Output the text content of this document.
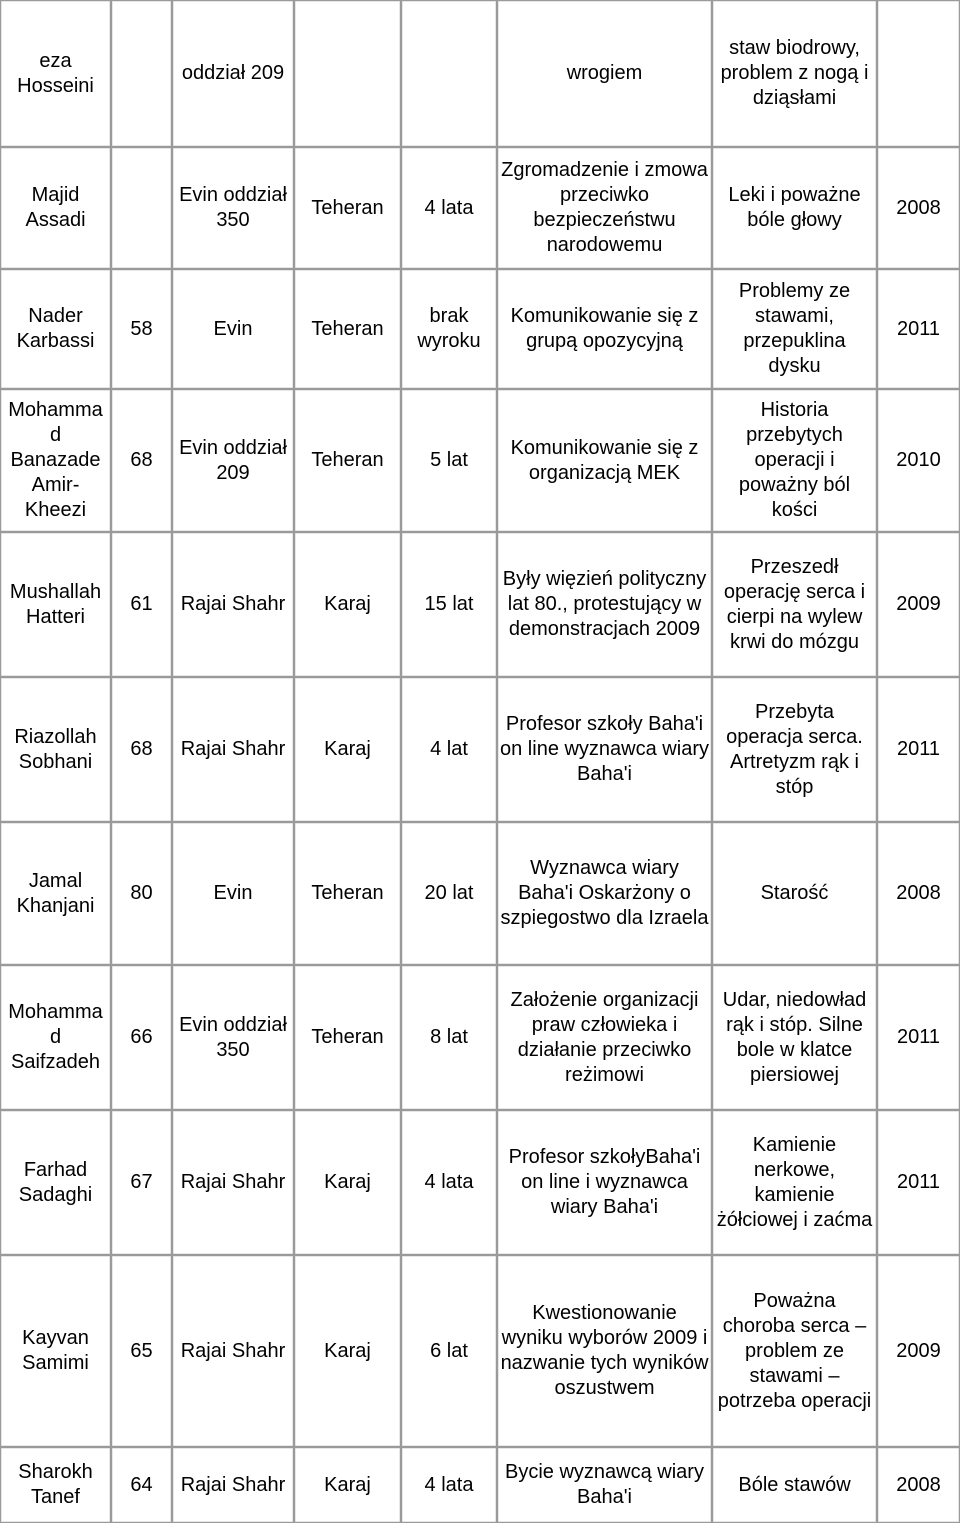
eza Hosseini		oddział 209			wrogiem	staw biodrowy, problem z nogą i dziąsłami	
Majid Assadi		Evin oddział 350	Teheran	4 lata	Zgromadzenie i zmowa przeciwko bezpieczeństwu narodowemu	Leki i poważne bóle głowy	2008
Nader Karbassi	58	Evin	Teheran	brak wyroku	Komunikowanie się z grupą opozycyjną	Problemy ze stawami, przepuklina dysku	2011
Mohammad Banazade Amir-Kheezi	68	Evin oddział 209	Teheran	5 lat	Komunikowanie się z organizacją MEK	Historia przebytych operacji i poważny ból kości	2010
Mushallah Hatteri	61	Rajai Shahr	Karaj	15 lat	Były więzień polityczny lat 80., protestujący w demonstracjach 2009	Przeszedł operację serca i cierpi na wylew krwi do mózgu	2009
Riazollah Sobhani	68	Rajai Shahr	Karaj	4 lat	Profesor szkoły Baha'i on line wyznawca wiary Baha'i	Przebyta operacja serca. Artretyzm rąk i stóp	2011
Jamal Khanjani	80	Evin	Teheran	20 lat	Wyznawca wiary Baha'i Oskarżony o szpiegostwo dla Izraela	Starość	2008
Mohammad Saifzadeh	66	Evin oddział 350	Teheran	8 lat	Założenie organizacji praw człowieka i działanie przeciwko reżimowi	Udar, niedowład rąk i stóp. Silne bole w klatce piersiowej	2011
Farhad Sadaghi	67	Rajai Shahr	Karaj	4 lata	Profesor szkołyBaha'i on line i wyznawca wiary Baha'i	Kamienie nerkowe, kamienie żółciowej i zaćma	2011
Kayvan Samimi	65	Rajai Shahr	Karaj	6 lat	Kwestionowanie wyniku wyborów 2009 i nazwanie tych wyników oszustwem	Poważna choroba serca – problem ze stawami – potrzeba operacji	2009
Sharokh Tanef	64	Rajai Shahr	Karaj	4 lata	Bycie wyznawcą wiary Baha'i	Bóle stawów	2008
